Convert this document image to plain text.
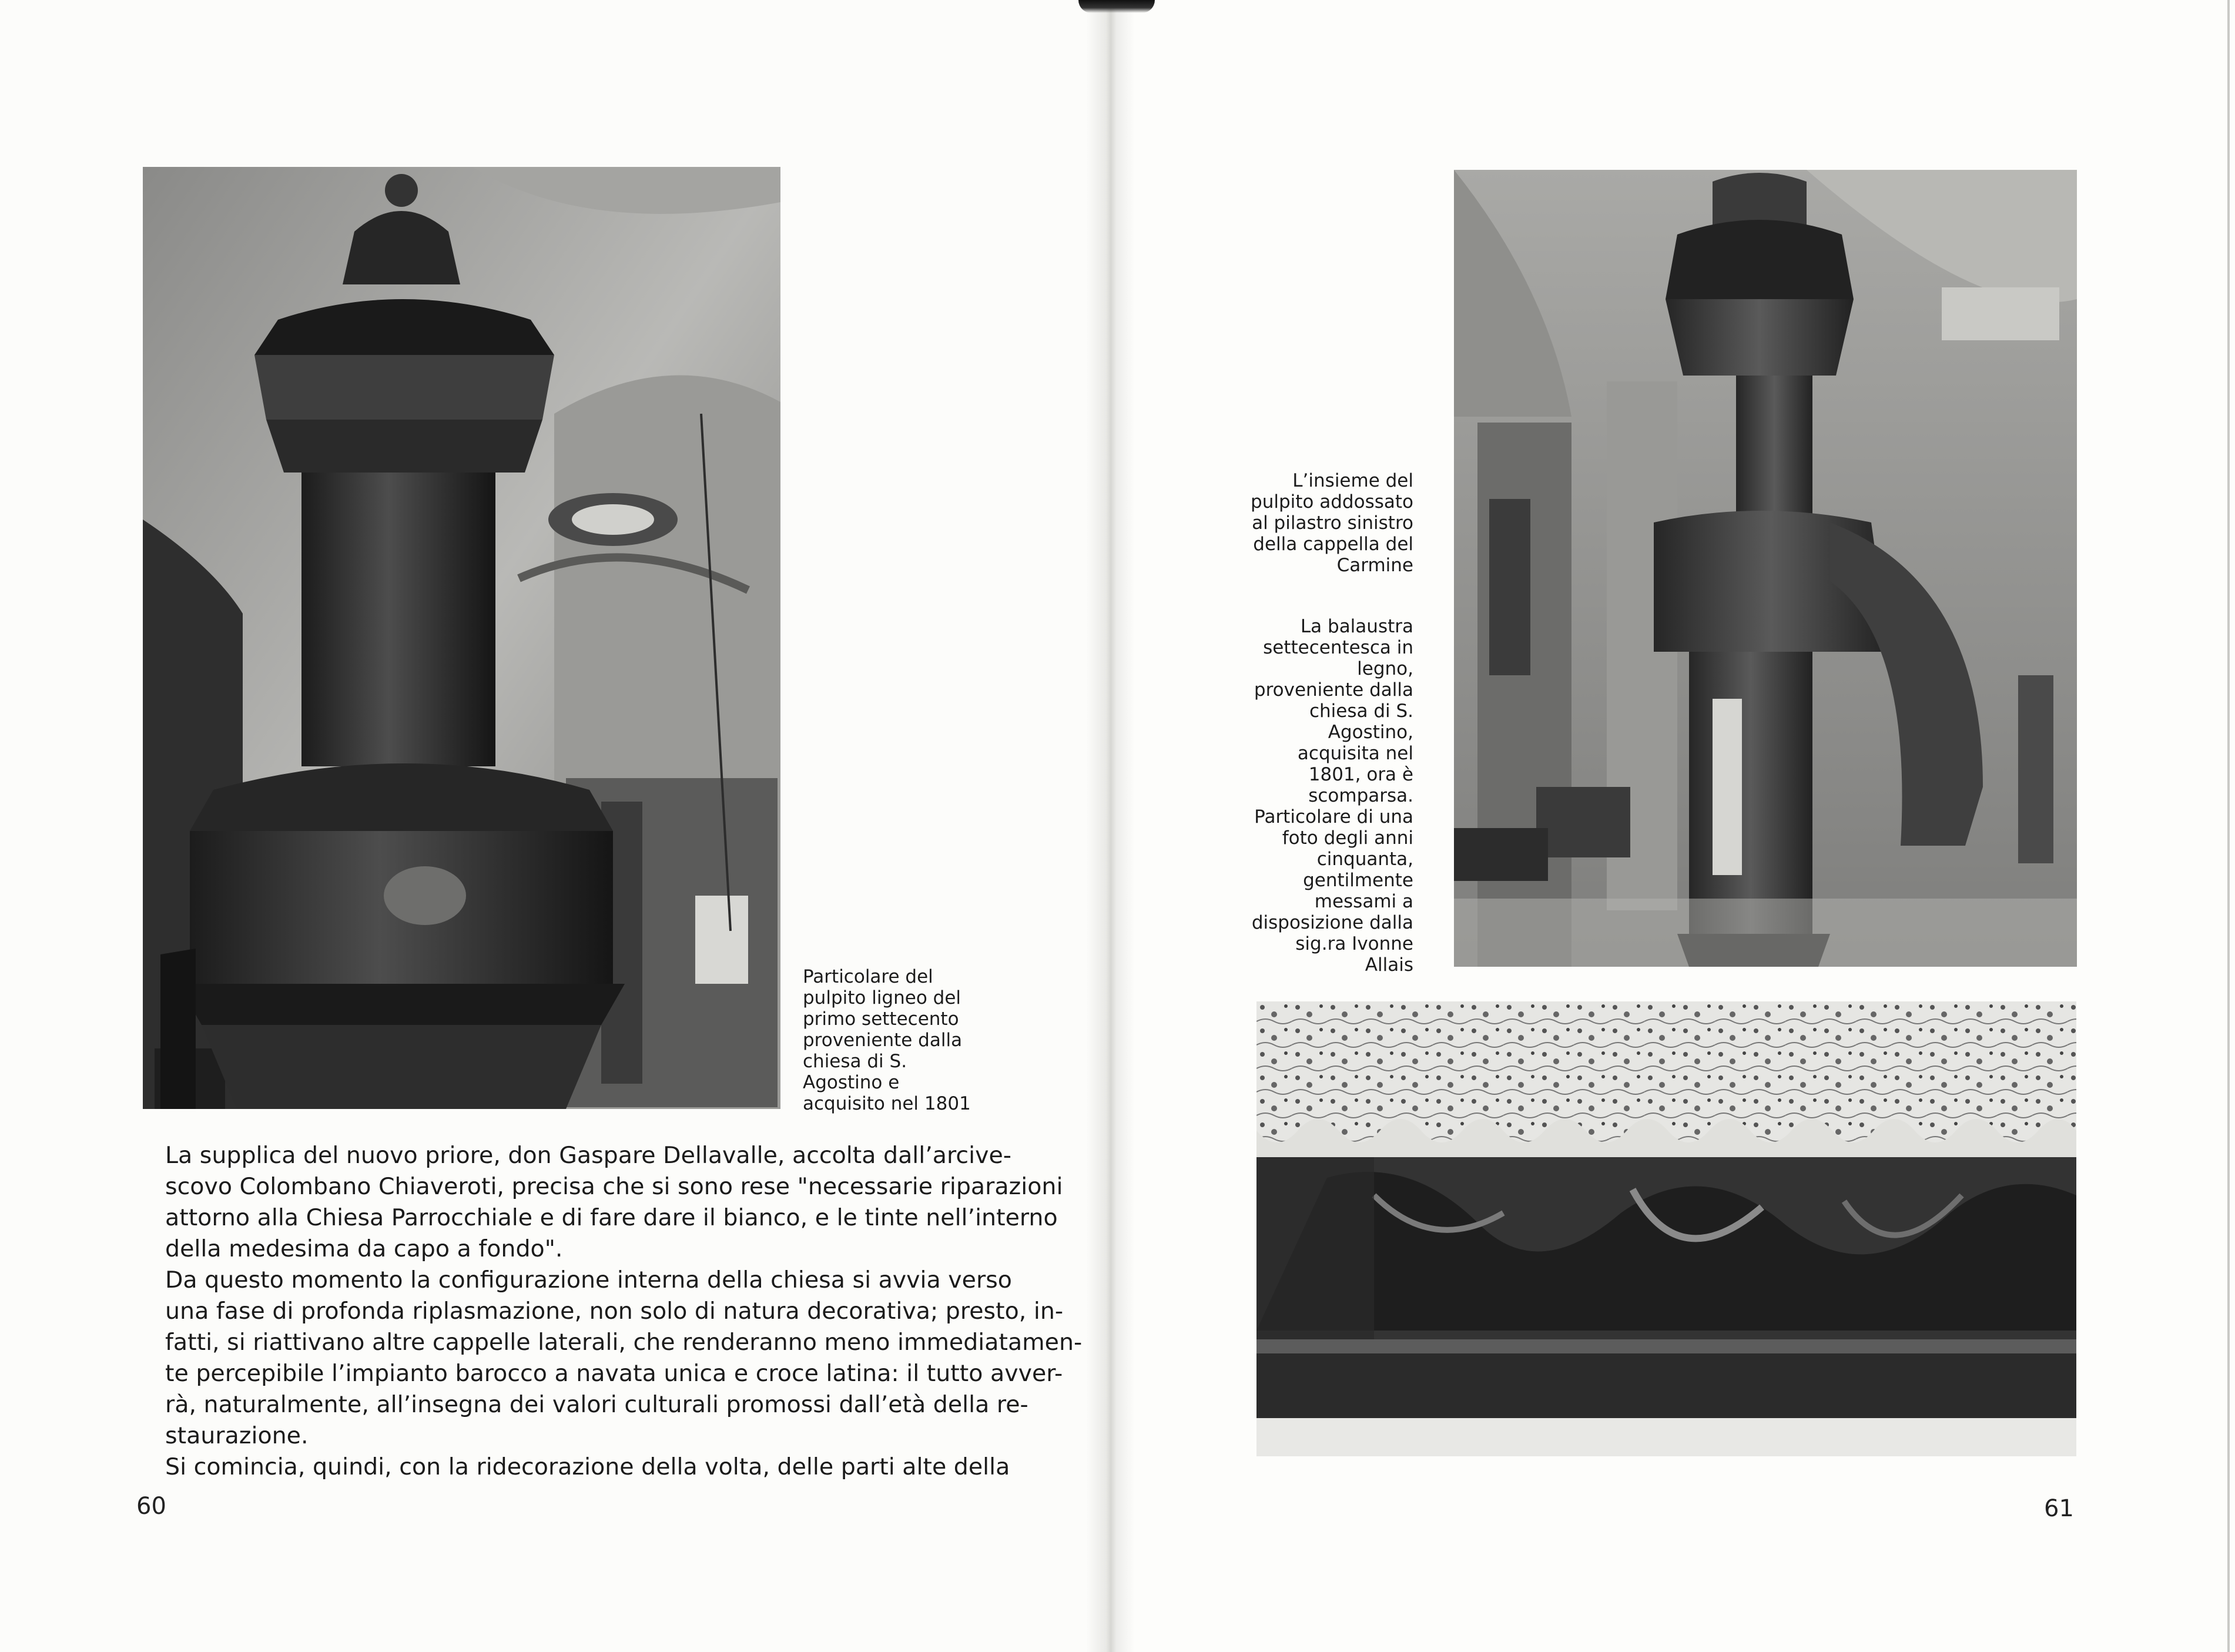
Particolare del
pulpito ligneo del
primo settecento
proveniente dalla
chiesa di S.
Agostino e
acquisito nel 1801
L’insieme del
pulpito addossato
al pilastro sinistro
della cappella del
Carmine
La balaustra
settecentesca in
legno,
proveniente dalla
chiesa di S.
Agostino,
acquisita nel
1801, ora è
scomparsa.
Particolare di una
foto degli anni
cinquanta,
gentilmente
messami a
disposizione dalla
sig.ra Ivonne
Allais
La supplica del nuovo priore, don Gaspare Dellavalle, accolta dall’arcive-
scovo Colombano Chiaveroti, precisa che si sono rese "necessarie riparazioni
attorno alla Chiesa Parrocchiale e di fare dare il bianco, e le tinte nell’interno
della medesima da capo a fondo".
Da questo momento la configurazione interna della chiesa si avvia verso
una fase di profonda riplasmazione, non solo di natura decorativa; presto, in-
fatti, si riattivano altre cappelle laterali, che renderanno meno immediatamen-
te percepibile l’impianto barocco a navata unica e croce latina: il tutto avver-
rà, naturalmente, all’insegna dei valori culturali promossi dall’età della re-
staurazione.
Si comincia, quindi, con la ridecorazione della volta, delle parti alte della
60	61
